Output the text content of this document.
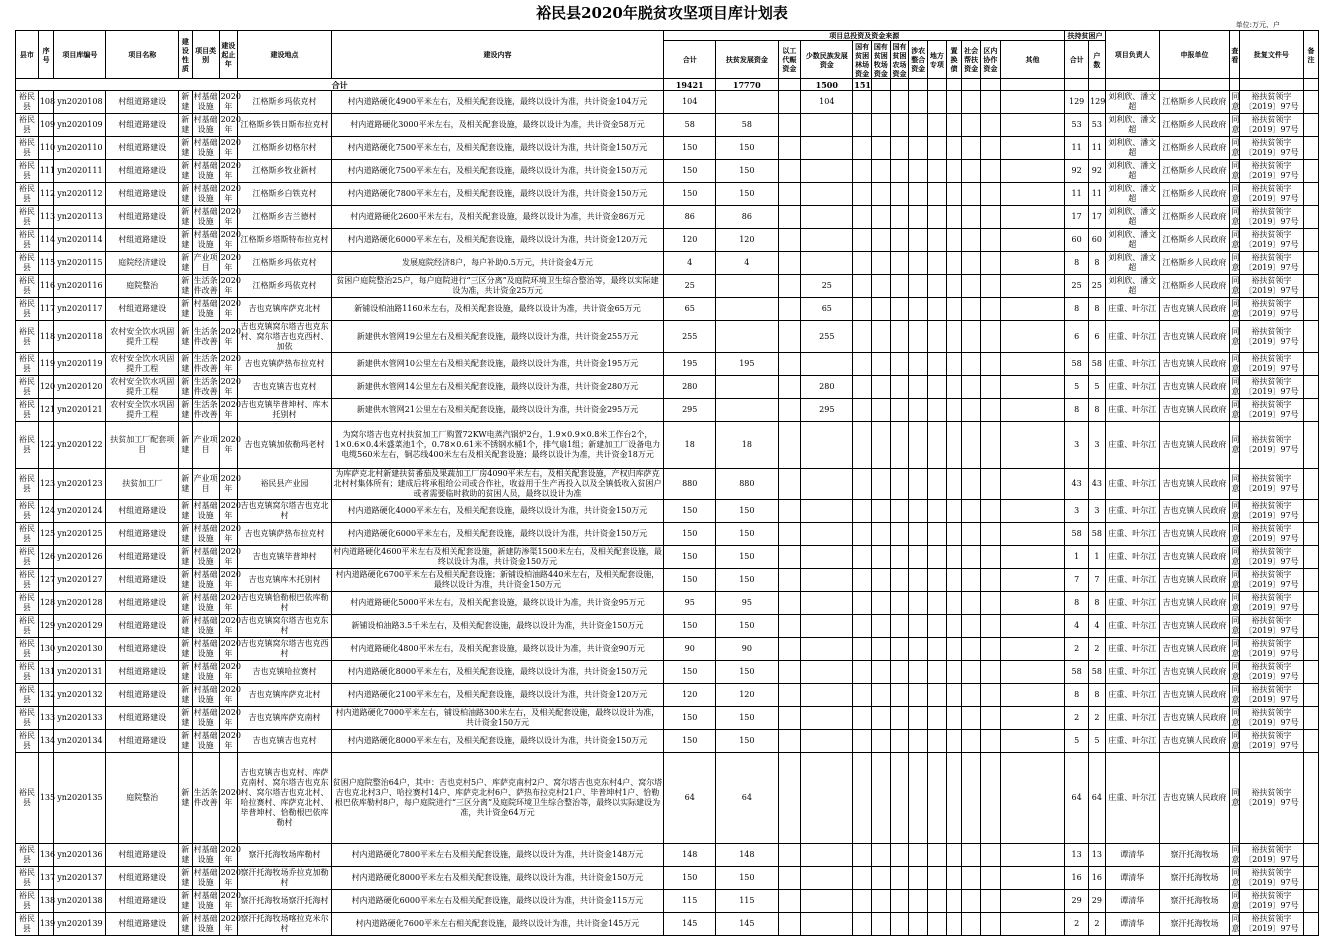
裕民县2020年脱贫攻坚项目库计划表
单位:万元、户
县市	序号	项目库编号	项目名称	建设性质	项目类别	建设起止年	建设地点	建设内容	项目总投资及资金来源													扶持贫困户		项目负责人	申报单位	查看	批复文件号	备注
									合计	扶贫发展资金	以工代赈资金	少数民族发展资金	国有贫困林场资金	国有贫困牧场资金	国有贫困农场资金	涉农整合资金	地方专项	置换债	社会帮扶资金	区内协作资金	其他	合计	户数					
合计									19421	17770		1500	151															
裕民县	108	yn2020108	村组道路建设	新建	村基础设施	2020年	江格斯乡玛依克村	村内道路硬化4900平米左右，及相关配套设施，最终以设计为准，共计资金104万元	104			104										129	129	刘利欣、潘文超	江格斯乡人民政府	同意	裕扶贫领字〔2019〕97号	
裕民县	109	yn2020109	村组道路建设	新建	村基础设施	2020年	江格斯乡铁日斯布拉克村	村内道路硬化3000平米左右，及相关配套设施，最终以设计为准，共计资金58万元	58	58												53	53	刘利欣、潘文超	江格斯乡人民政府	同意	裕扶贫领字〔2019〕97号	
裕民县	110	yn2020110	村组道路建设	新建	村基础设施	2020年	江格斯乡切格尔村	村内道路硬化7500平米左右，及相关配套设施，最终以设计为准，共计资金150万元	150	150												11	11	刘利欣、潘文超	江格斯乡人民政府	同意	裕扶贫领字〔2019〕97号	
裕民县	111	yn2020111	村组道路建设	新建	村基础设施	2020年	江格斯乡牧业新村	村内道路硬化7500平米左右，及相关配套设施，最终以设计为准，共计资金150万元	150	150												92	92	刘利欣、潘文超	江格斯乡人民政府	同意	裕扶贫领字〔2019〕97号	
裕民县	112	yn2020112	村组道路建设	新建	村基础设施	2020年	江格斯乡白铁克村	村内道路硬化7800平米左右，及相关配套设施，最终以设计为准，共计资金150万元	150	150												11	11	刘利欣、潘文超	江格斯乡人民政府	同意	裕扶贫领字〔2019〕97号	
裕民县	113	yn2020113	村组道路建设	新建	村基础设施	2020年	江格斯乡吉兰德村	村内道路硬化2600平米左右，及相关配套设施，最终以设计为准，共计资金86万元	86	86												17	17	刘利欣、潘文超	江格斯乡人民政府	同意	裕扶贫领字〔2019〕97号	
裕民县	114	yn2020114	村组道路建设	新建	村基础设施	2020年	江格斯乡塔斯特布拉克村	村内道路硬化6000平米左右，及相关配套设施，最终以设计为准，共计资金120万元	120	120												60	60	刘利欣、潘文超	江格斯乡人民政府	同意	裕扶贫领字〔2019〕97号	
裕民县	115	yn2020115	庭院经济建设	新建	产业项目	2020年	江格斯乡玛依克村	发展庭院经济8户，每户补助0.5万元，共计资金4万元	4	4												8	8	刘利欣、潘文超	江格斯乡人民政府	同意	裕扶贫领字〔2019〕97号	
裕民县	116	yn2020116	庭院整治	新建	生活条件改善	2020年	江格斯乡玛依克村	贫困户庭院整治25户，每户庭院进行“三区分离”及庭院环境卫生综合整治等，最终以实际建设为准，共计资金25万元	25			25										25	25	刘利欣、潘文超	江格斯乡人民政府	同意	裕扶贫领字〔2019〕97号	
裕民县	117	yn2020117	村组道路建设	新建	村基础设施	2020年	吉也克镇库萨克北村	新铺设柏油路1160米左右，及相关配套设施，最终以设计为准，共计资金65万元	65			65										8	8	庄重、叶尔江	吉也克镇人民政府	同意	裕扶贫领字〔2019〕97号	
裕民县	118	yn2020118	农村安全饮水巩固提升工程	新建	生活条件改善	2020年	吉也克镇窝尔塔吉也克东村、窝尔塔吉也克西村、加依	新建供水管网19公里左右及相关配套设施，最终以设计为准，共计资金255万元	255			255										6	6	庄重、叶尔江	吉也克镇人民政府	同意	裕扶贫领字〔2019〕97号	
裕民县	119	yn2020119	农村安全饮水巩固提升工程	新建	生活条件改善	2020年	吉也克镇萨热布拉克村	新建供水管网10公里左右及相关配套设施，最终以设计为准，共计资金195万元	195	195												58	58	庄重、叶尔江	吉也克镇人民政府	同意	裕扶贫领字〔2019〕97号	
裕民县	120	yn2020120	农村安全饮水巩固提升工程	新建	生活条件改善	2020年	吉也克镇吉也克村	新建供水管网14公里左右及相关配套设施，最终以设计为准，共计资金280万元	280			280										5	5	庄重、叶尔江	吉也克镇人民政府	同意	裕扶贫领字〔2019〕97号	
裕民县	121	yn2020121	农村安全饮水巩固提升工程	新建	生活条件改善	2020年	吉也克镇毕普坤村、库木托别村	新建供水管网21公里左右及相关配套设施，最终以设计为准，共计资金295万元	295			295										8	8	庄重、叶尔江	吉也克镇人民政府	同意	裕扶贫领字〔2019〕97号	
裕民县	122	yn2020122	扶贫加工厂配套项目	新建	产业项目	2020年	吉也克镇加依勒玛老村	为窝尔塔吉也克村扶贫加工厂购置72KW电蒸汽锅炉2台，1.9×0.9×0.8米工作台2个，1×0.6×0.4米盛菜池1个，0.78×0.61米不锈钢水桶1个，排气扇1组；新建加工厂设备电力电缆560米左右，铜芯线400米左右及相关配套设施；最终以设计为准，共计资金18万元	18	18												3	3	庄重、叶尔江	吉也克镇人民政府	同意	裕扶贫领字〔2019〕97号	
裕民县	123	yn2020123	扶贫加工厂	新建	产业项目	2020年	裕民县产业园	为库萨克北村新建扶贫番茄及果蔬加工厂房4090平米左右，及相关配套设施，产权归库萨克北村村集体所有；建成后将承租给公司或合作社，收益用于生产再投入以及全镇低收入贫困户或者需要临时救助的贫困人员，最终以设计为准	880	880												43	43	庄重、叶尔江	吉也克镇人民政府	同意	裕扶贫领字〔2019〕97号	
裕民县	124	yn2020124	村组道路建设	新建	村基础设施	2020年	吉也克镇窝尔塔吉也克北村	村内道路硬化4000平米左右，及相关配套设施，最终以设计为准，共计资金150万元	150	150												3	3	庄重、叶尔江	吉也克镇人民政府	同意	裕扶贫领字〔2019〕97号	
裕民县	125	yn2020125	村组道路建设	新建	村基础设施	2020年	吉也克镇萨热布拉克村	村内道路硬化6000平米左右，及相关配套设施，最终以设计为准，共计资金150万元	150	150												58	58	庄重、叶尔江	吉也克镇人民政府	同意	裕扶贫领字〔2019〕97号	
裕民县	126	yn2020126	村组道路建设	新建	村基础设施	2020年	吉也克镇毕普坤村	村内道路硬化4600平米左右及相关配套设施，新建防渗渠1500米左右，及相关配套设施，最终以设计为准，共计资金150万元	150	150												1	1	庄重、叶尔江	吉也克镇人民政府	同意	裕扶贫领字〔2019〕97号	
裕民县	127	yn2020127	村组道路建设	新建	村基础设施	2020年	吉也克镇库木托别村	村内道路硬化6700平米左右及相关配套设施；新铺设柏油路440米左右，及相关配套设施，最终以设计为准，共计资金150万元	150	150												7	7	庄重、叶尔江	吉也克镇人民政府	同意	裕扶贫领字〔2019〕97号	
裕民县	128	yn2020128	村组道路建设	新建	村基础设施	2020年	吉也克镇恰勒根巴依库勒村	村内道路硬化5000平米左右，及相关配套设施，最终以设计为准，共计资金95万元	95	95												8	8	庄重、叶尔江	吉也克镇人民政府	同意	裕扶贫领字〔2019〕97号	
裕民县	129	yn2020129	村组道路建设	新建	村基础设施	2020年	吉也克镇窝尔塔吉也克东村	新铺设柏油路3.5千米左右，及相关配套设施，最终以设计为准，共计资金150万元	150	150												4	4	庄重、叶尔江	吉也克镇人民政府	同意	裕扶贫领字〔2019〕97号	
裕民县	130	yn2020130	村组道路建设	新建	村基础设施	2020年	吉也克镇窝尔塔吉也克西村	村内道路硬化4800平米左右，及相关配套设施，最终以设计为准，共计资金90万元	90	90												2	2	庄重、叶尔江	吉也克镇人民政府	同意	裕扶贫领字〔2019〕97号	
裕民县	131	yn2020131	村组道路建设	新建	村基础设施	2020年	吉也克镇哈拉赛村	村内道路硬化8000平米左右，及相关配套设施，最终以设计为准，共计资金150万元	150	150												58	58	庄重、叶尔江	吉也克镇人民政府	同意	裕扶贫领字〔2019〕97号	
裕民县	132	yn2020132	村组道路建设	新建	村基础设施	2020年	吉也克镇库萨克北村	村内道路硬化2100平米左右，及相关配套设施，最终以设计为准，共计资金120万元	120	120												8	8	庄重、叶尔江	吉也克镇人民政府	同意	裕扶贫领字〔2019〕97号	
裕民县	133	yn2020133	村组道路建设	新建	村基础设施	2020年	吉也克镇库萨克南村	村内道路硬化7000平米左右，铺设柏油路300米左右，及相关配套设施，最终以设计为准，共计资金150万元	150	150												2	2	庄重、叶尔江	吉也克镇人民政府	同意	裕扶贫领字〔2019〕97号	
裕民县	134	yn2020134	村组道路建设	新建	村基础设施	2020年	吉也克镇吉也克村	村内道路硬化8000平米左右，及相关配套设施，最终以设计为准，共计资金150万元	150	150												5	5	庄重、叶尔江	吉也克镇人民政府	同意	裕扶贫领字〔2019〕97号	
裕民县	135	yn2020135	庭院整治	新建	生活条件改善	2020年	吉也克镇吉也克村、库萨克南村、窝尔塔吉也克东村、窝尔塔吉也克北村、哈拉赛村、库萨克北村、毕普坤村、恰勒根巴依库勒村	贫困户庭院整治64户，其中：吉也克村5户、库萨克南村2户、窝尔塔吉也克东村4户、窝尔塔吉也克北村3户、哈拉赛村14户、库萨克北村6户、萨热布拉克村21户、毕普坤村1户、恰勒根巴依库勒村8户，每户庭院进行“三区分离”及庭院环境卫生综合整治等，最终以实际建设为准，共计资金64万元	64	64												64	64	庄重、叶尔江	吉也克镇人民政府	同意	裕扶贫领字〔2019〕97号	
裕民县	136	yn2020136	村组道路建设	新建	村基础设施	2020年	察汗托海牧场库勒村	村内道路硬化7800平米左右及相关配套设施，最终以设计为准，共计资金148万元	148	148												13	13	谭清华	察汗托海牧场	同意	裕扶贫领字〔2019〕97号	
裕民县	137	yn2020137	村组道路建设	新建	村基础设施	2020年	察汗托海牧场乔拉克加勒村	村内道路硬化8000平米左右及相关配套设施，最终以设计为准，共计资金150万元	150	150												16	16	谭清华	察汗托海牧场	同意	裕扶贫领字〔2019〕97号	
裕民县	138	yn2020138	村组道路建设	新建	村基础设施	2020年	察汗托海牧场察汗托海村	村内道路硬化6000平米左右及相关配套设施，最终以设计为准，共计资金115万元	115	115												29	29	谭清华	察汗托海牧场	同意	裕扶贫领字〔2019〕97号	
裕民县	139	yn2020139	村组道路建设	新建	村基础设施	2020年	察汗托海牧场喀拉克米尔村	村内道路硬化7600平米左右相关配套设施，最终以设计为准，共计资金145万元	145	145												2	2	谭清华	察汗托海牧场	同意	裕扶贫领字〔2019〕97号	
